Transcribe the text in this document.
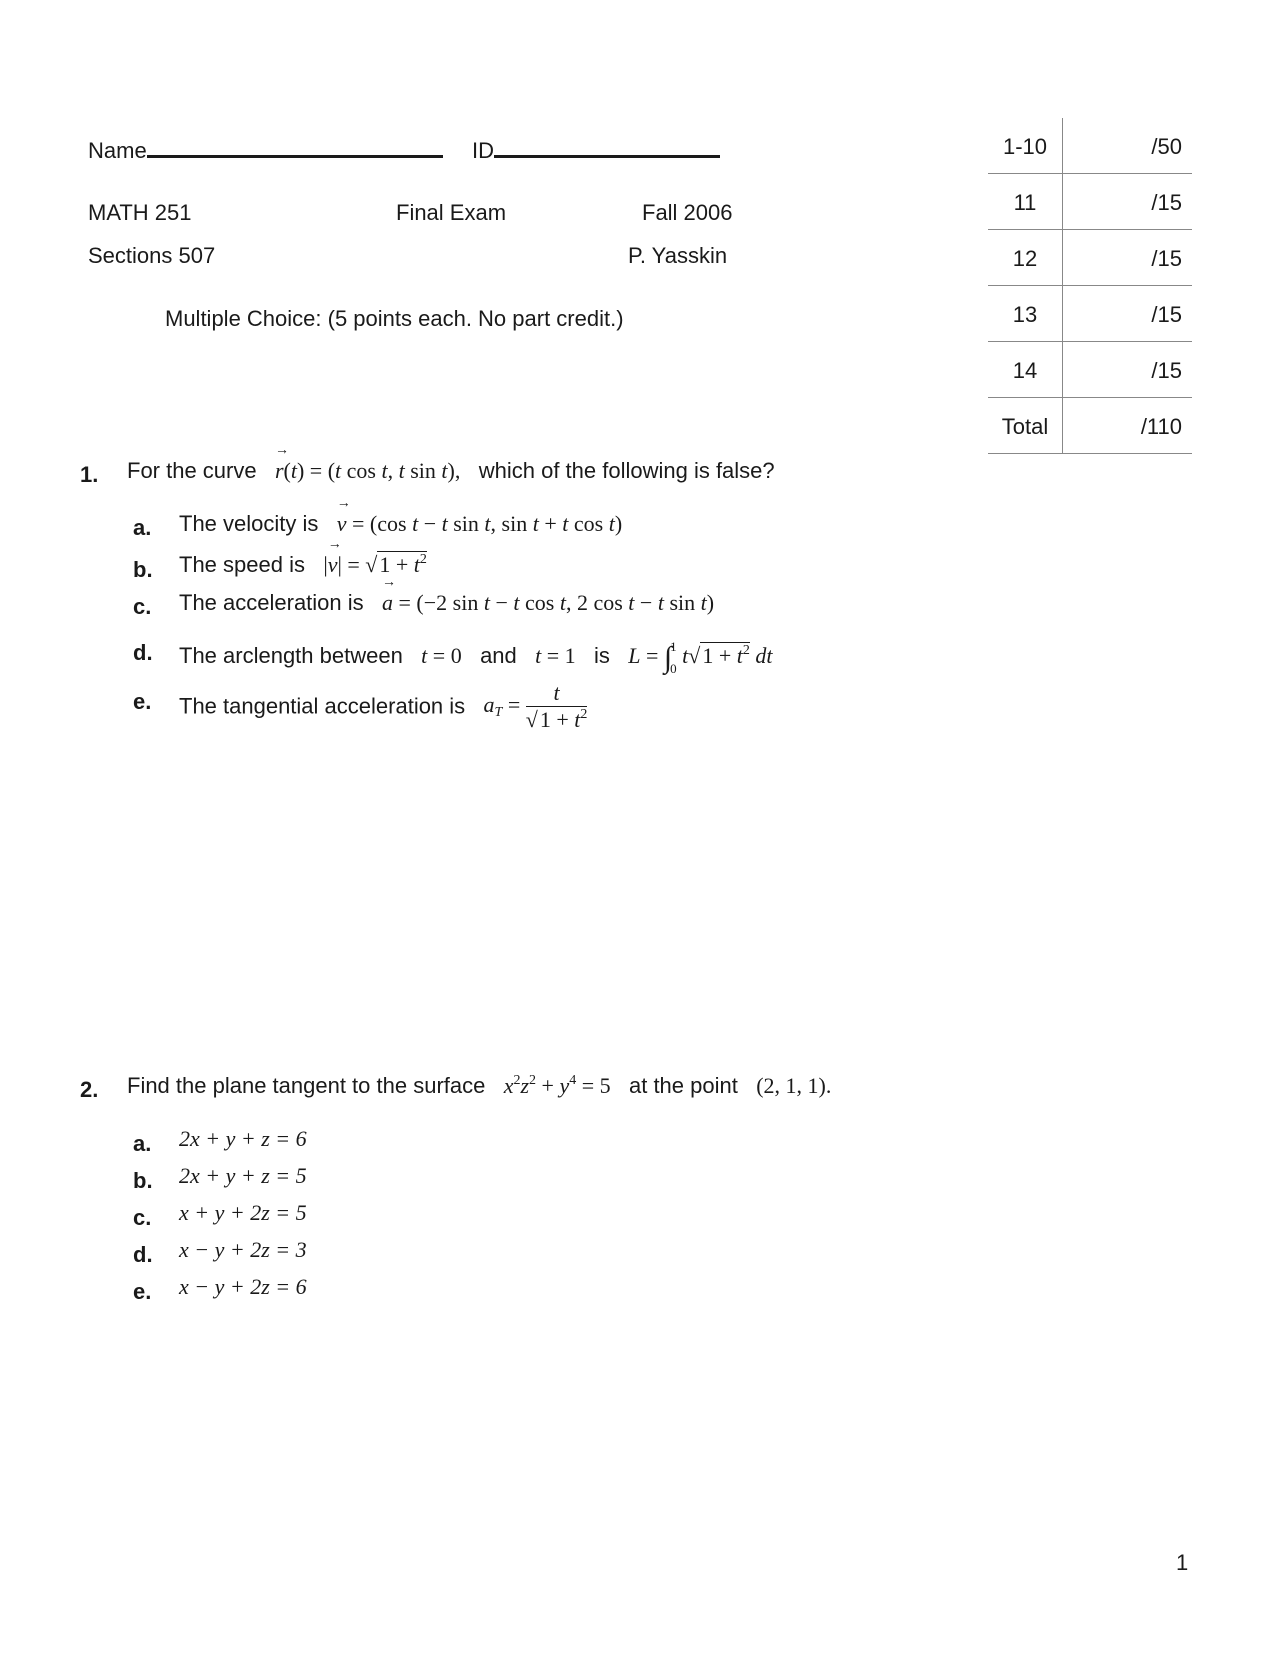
Name	ID
MATH 251	Final Exam	Fall 2006
Sections 507	P. Yasskin
Multiple Choice: (5 points each. No part credit.)
1-10	/50
11	/15
12	/15
13	/15
14	/15
Total	/110
1. For the curve → r(t) = (t cos t, t sin t), which of the following is false?
a. The velocity is → v = (cos t − t sin t, sin t + t cos t)
b. The speed is |→ $v| = √1 + t^2$
c. The acceleration is → a = (−2 sin t − t cos t, 2 cos t − t sin t)
d. The arclength between t = 0 and t = 1 is L = ∫1
0 $t√1 + t^2$ dt
e. The tangential acceleration is $a_T = \frac{t}{√1 + t^2}$
2. Find the plane tangent to the surface $x^2z^2 + y^4 = 5$ at the point (2, 1, 1).
a. 2x + y + z = 6
b. 2x + y + z = 5
c. x + y + 2z = 5
d. x − y + 2z = 3
e. x − y + 2z = 6
1
